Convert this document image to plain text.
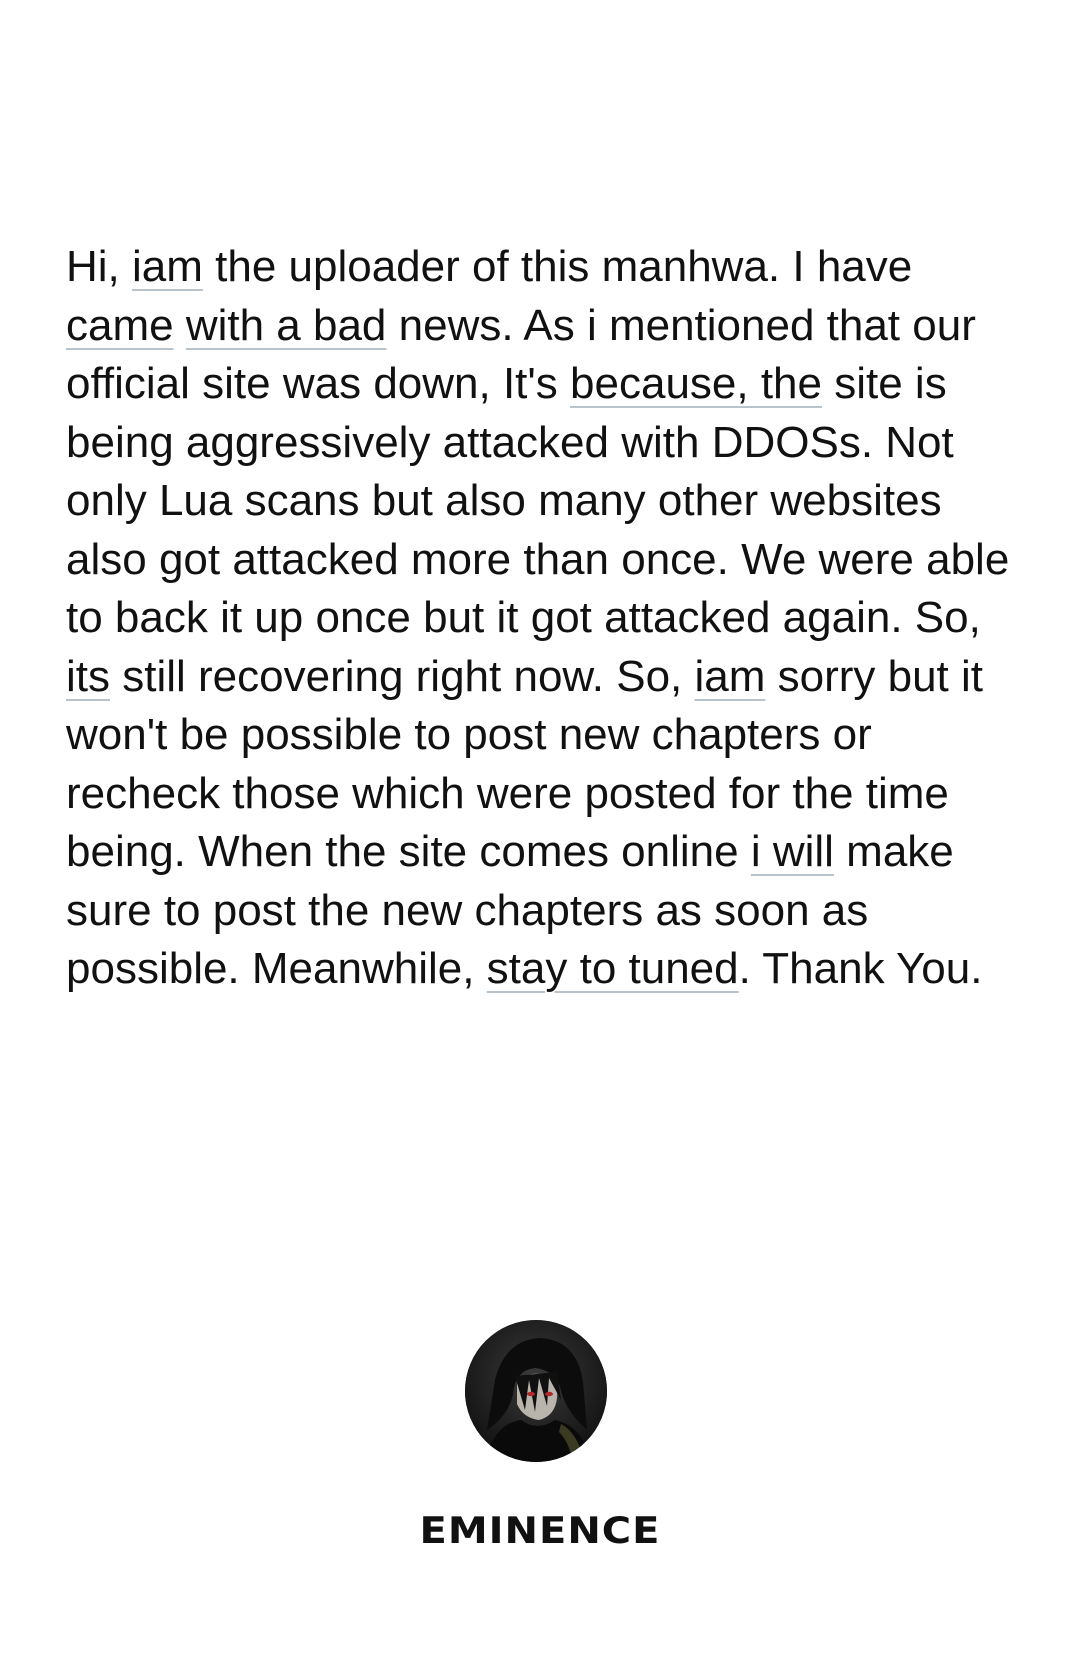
Hi, iam the uploader of this manhwa. I have came with a bad news. As i mentioned that our official site was down, It's because, the site is being aggressively attacked with DDOSs. Not only Lua scans but also many other websites also got attacked more than once. We were able to back it up once but it got attacked again. So, its still recovering right now. So, iam sorry but it won't be possible to post new chapters or recheck those which were posted for the time being. When the site comes online i will make sure to post the new chapters as soon as possible. Meanwhile, stay to tuned. Thank You.

EMINENCE
